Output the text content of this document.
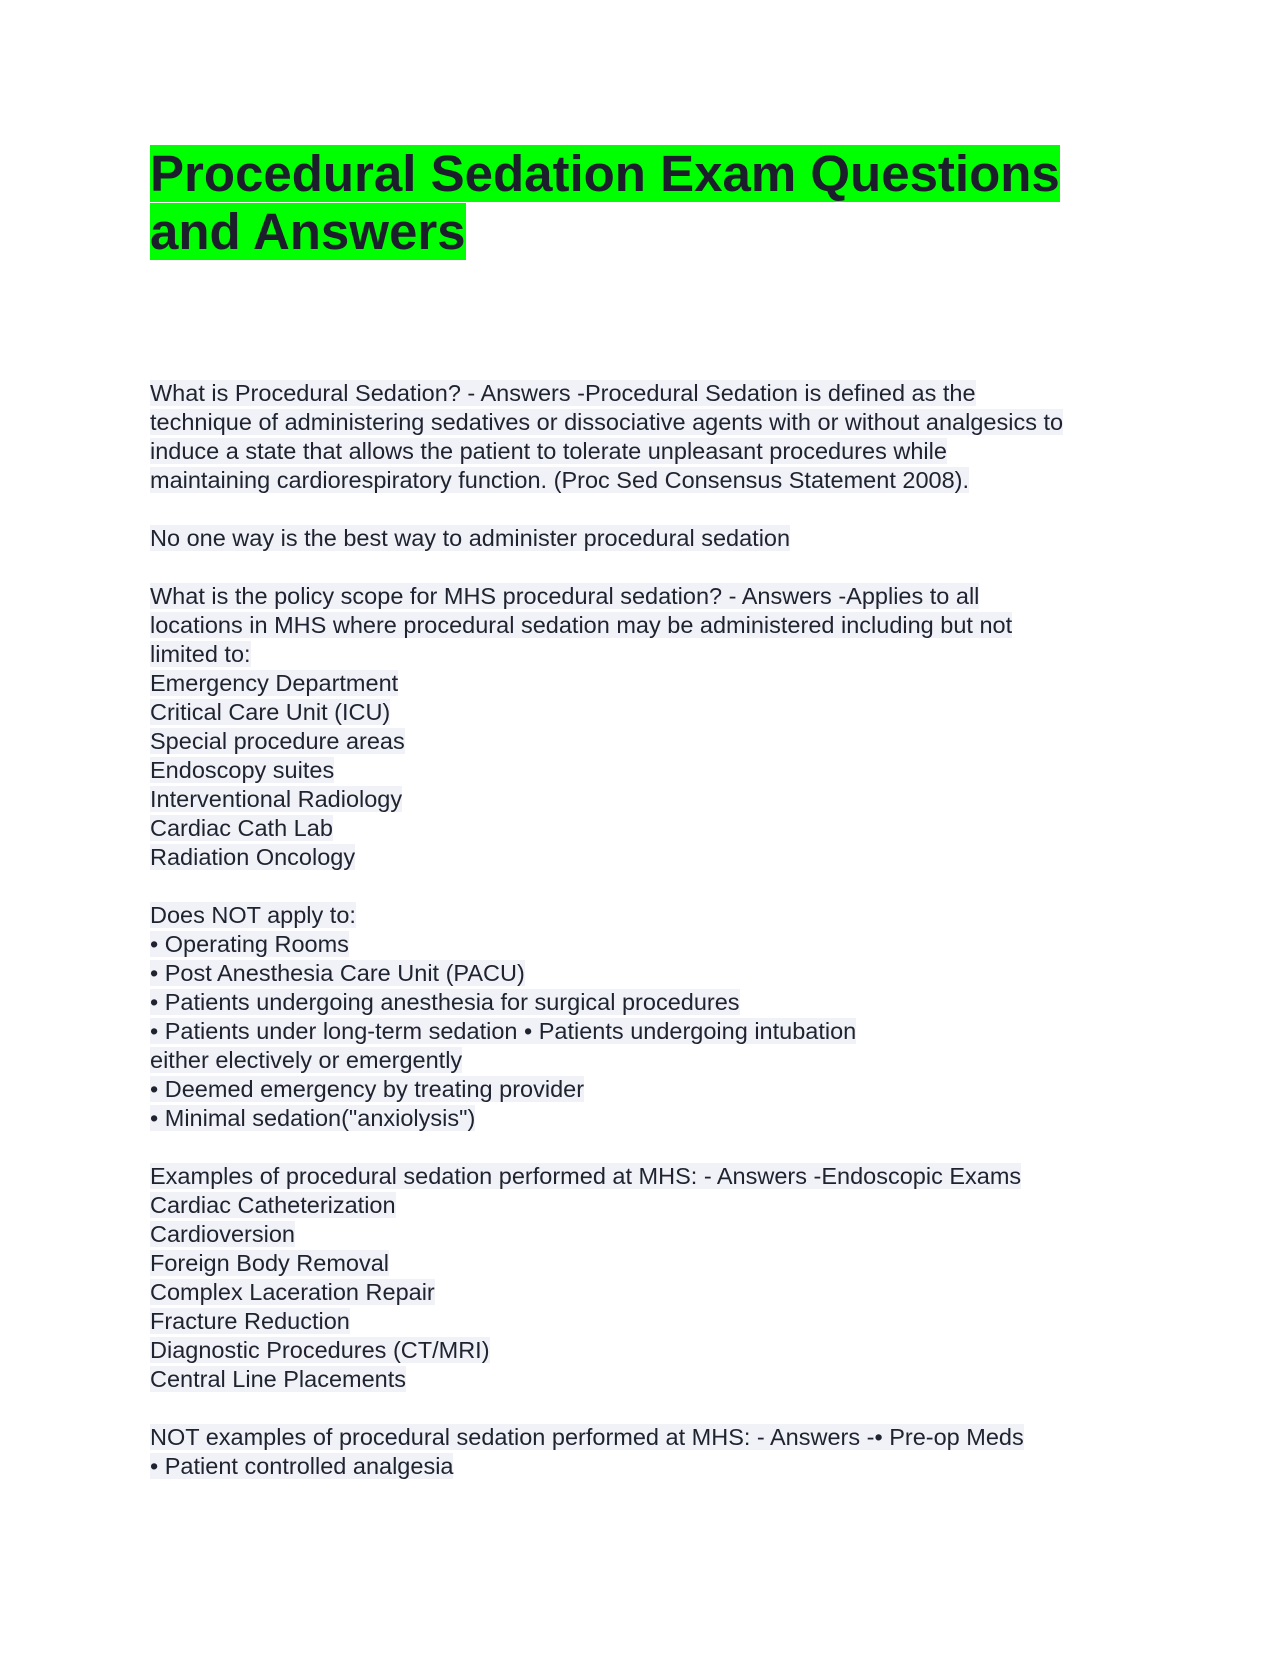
Procedural Sedation Exam Questions
and Answers
What is Procedural Sedation? - Answers -Procedural Sedation is defined as the
technique of administering sedatives or dissociative agents with or without analgesics to
induce a state that allows the patient to tolerate unpleasant procedures while
maintaining cardiorespiratory function. (Proc Sed Consensus Statement 2008).
No one way is the best way to administer procedural sedation
What is the policy scope for MHS procedural sedation? - Answers -Applies to all
locations in MHS where procedural sedation may be administered including but not
limited to:
Emergency Department
Critical Care Unit (ICU)
Special procedure areas
Endoscopy suites
Interventional Radiology
Cardiac Cath Lab
Radiation Oncology
Does NOT apply to:
• Operating Rooms
• Post Anesthesia Care Unit (PACU)
• Patients undergoing anesthesia for surgical procedures
• Patients under long-term sedation • Patients undergoing intubation
either electively or emergently
• Deemed emergency by treating provider
• Minimal sedation("anxiolysis")
Examples of procedural sedation performed at MHS: - Answers -Endoscopic Exams
Cardiac Catheterization
Cardioversion
Foreign Body Removal
Complex Laceration Repair
Fracture Reduction
Diagnostic Procedures (CT/MRI)
Central Line Placements
NOT examples of procedural sedation performed at MHS: - Answers -• Pre-op Meds
• Patient controlled analgesia
